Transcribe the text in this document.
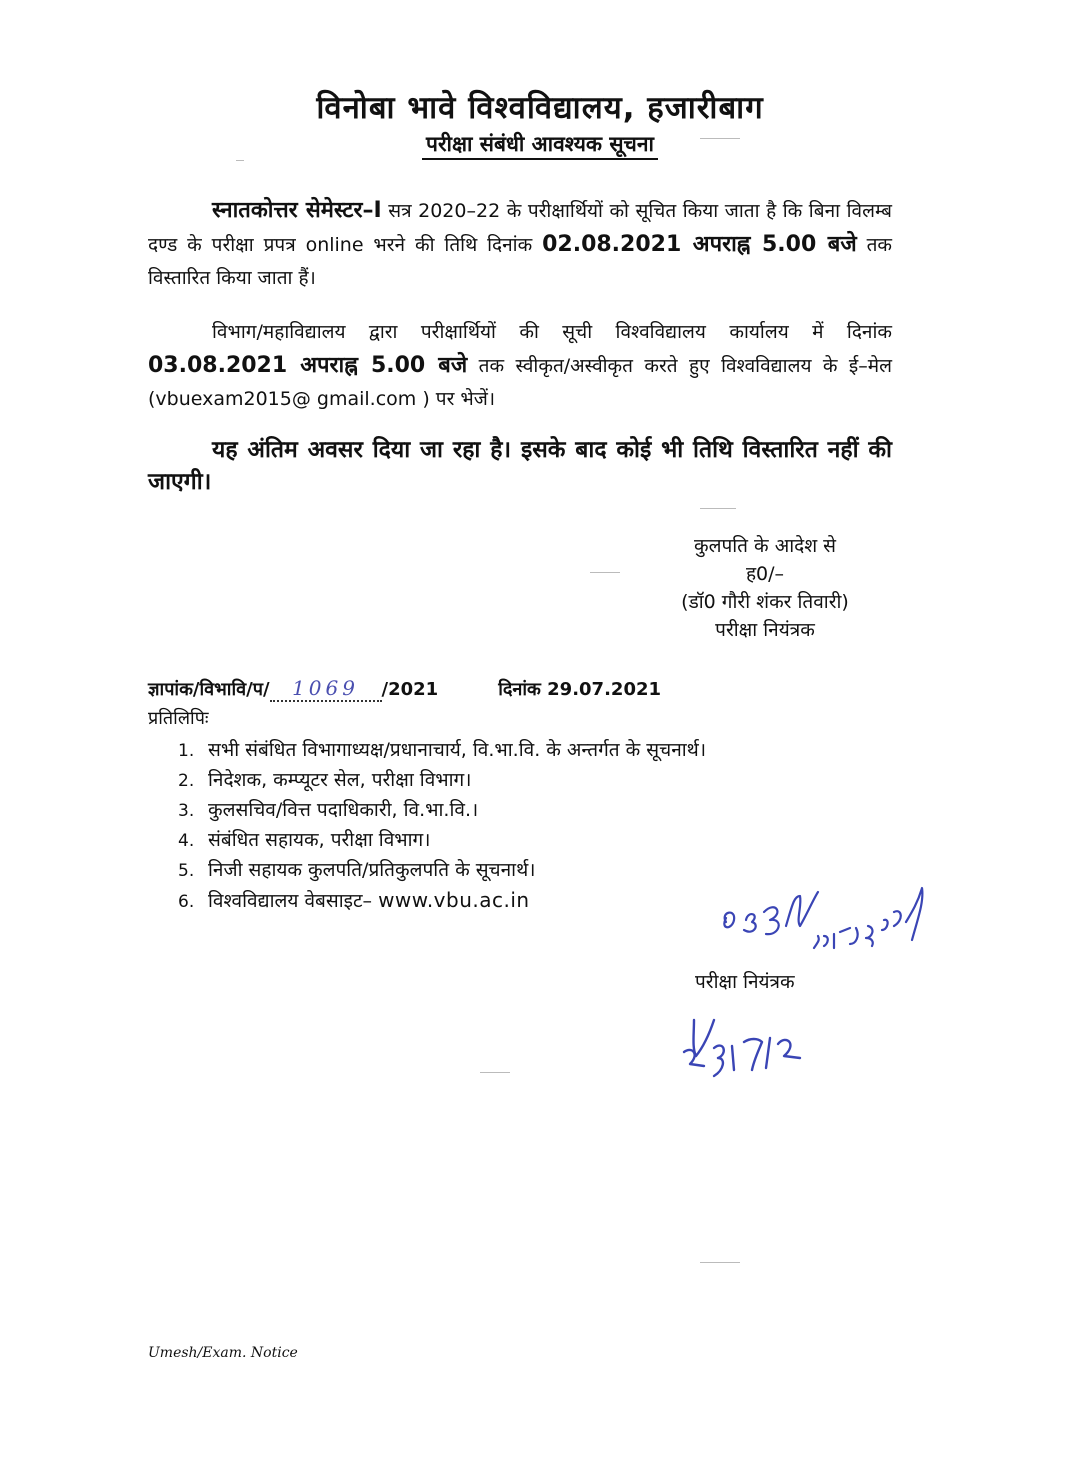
विनोबा भावे विश्वविद्यालय, हजारीबाग
परीक्षा संबंधी आवश्यक सूचना
स्नातकोत्तर सेमेस्टर–I सत्र 2020–22 के परीक्षार्थियों को सूचित किया जाता है कि बिना विलम्ब दण्ड के परीक्षा प्रपत्र online भरने की तिथि दिनांक 02.08.2021 अपराह्न 5.00 बजे तक विस्तारित किया जाता हैं।
विभाग/महाविद्यालय द्वारा परीक्षार्थियों की सूची विश्वविद्यालय कार्यालय में दिनांक 03.08.2021 अपराह्न 5.00 बजे तक स्वीकृत/अस्वीकृत करते हुए विश्वविद्यालय के ई–मेल (vbuexam2015@ gmail.com ) पर भेजें।
यह अंतिम अवसर दिया जा रहा है। इसके बाद कोई भी तिथि विस्तारित नहीं की जाएगी।
कुलपति के आदेश से
ह0/–
(डॉ0 गौरी शंकर तिवारी)
परीक्षा नियंत्रक
ज्ञापांक/विभावि/प/ 1069 /2021	दिनांक 29.07.2021
प्रतिलिपिः
1. सभी संबंधित विभागाध्यक्ष/प्रधानाचार्य, वि.भा.वि. के अन्तर्गत के सूचनार्थ।
2. निदेशक, कम्प्यूटर सेल, परीक्षा विभाग।
3. कुलसचिव/वित्त पदाधिकारी, वि.भा.वि.।
4. संबंधित सहायक, परीक्षा विभाग।
5. निजी सहायक कुलपति/प्रतिकुलपति के सूचनार्थ।
6. विश्वविद्यालय वेबसाइट– www.vbu.ac.in
परीक्षा नियंत्रक
Umesh/Exam. Notice
